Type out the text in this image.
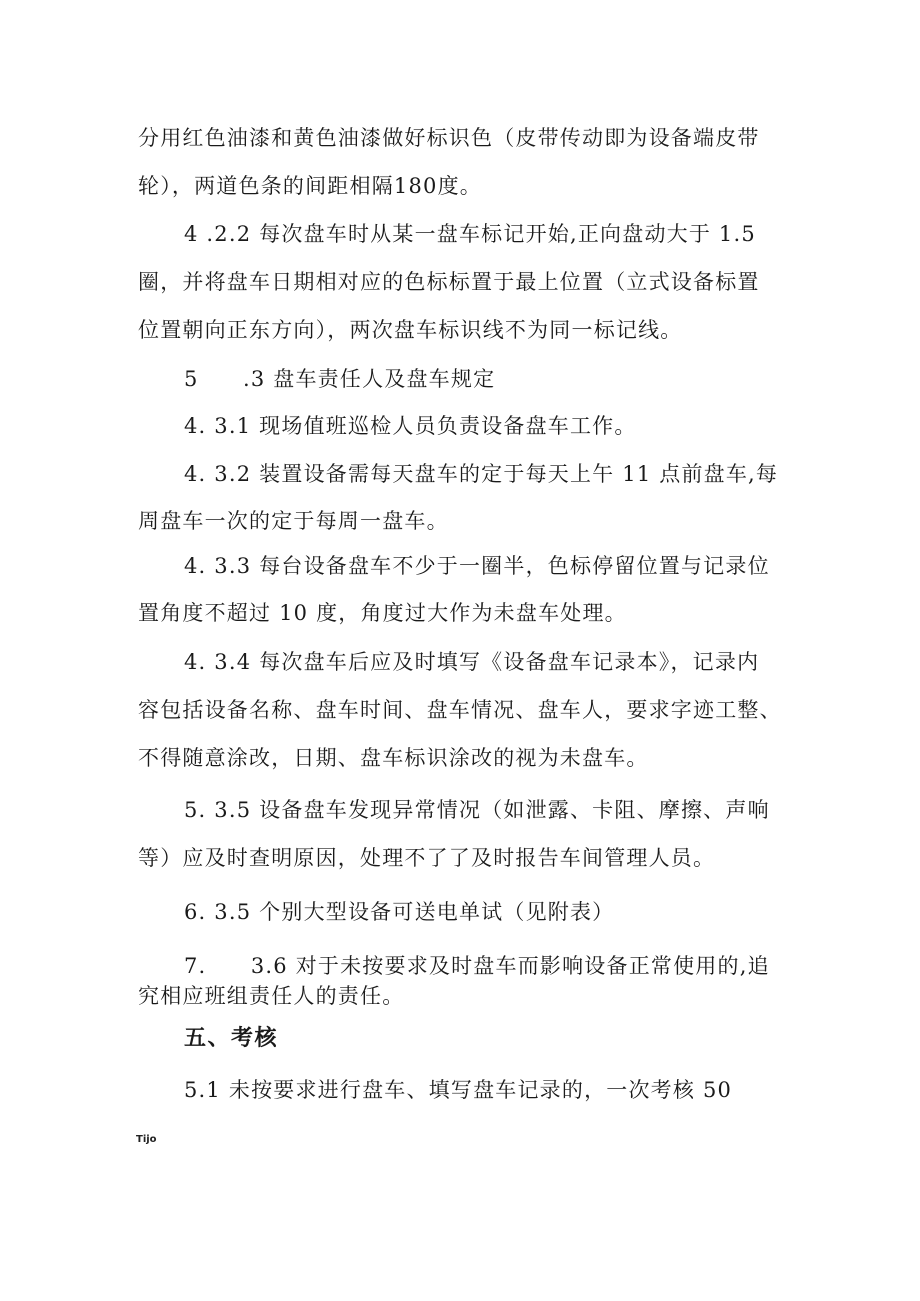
分用红色油漆和黄色油漆做好标识色（皮带传动即为设备端皮带
轮），两道色条的间距相隔180度。
4 .2.2 每次盘车时从某一盘车标记开始,正向盘动大于 1.5
圈，并将盘车日期相对应的色标标置于最上位置（立式设备标置
位置朝向正东方向），两次盘车标识线不为同一标记线。
5　　.3 盘车责任人及盘车规定
4. 3.1 现场值班巡检人员负责设备盘车工作。
4. 3.2 装置设备需每天盘车的定于每天上午 11 点前盘车,每
周盘车一次的定于每周一盘车。
4. 3.3 每台设备盘车不少于一圈半，色标停留位置与记录位
置角度不超过 10 度，角度过大作为未盘车处理。
4. 3.4 每次盘车后应及时填写《设备盘车记录本》，记录内
容包括设备名称、盘车时间、盘车情况、盘车人，要求字迹工整、
不得随意涂改，日期、盘车标识涂改的视为未盘车。
5. 3.5 设备盘车发现异常情况（如泄露、卡阻、摩擦、声响
等）应及时查明原因，处理不了了及时报告车间管理人员。
6. 3.5 个别大型设备可送电单试（见附表）
7.　　3.6 对于未按要求及时盘车而影响设备正常使用的,追
究相应班组责任人的责任。
五、考核
5.1 未按要求进行盘车、填写盘车记录的，一次考核 50
Tijo
